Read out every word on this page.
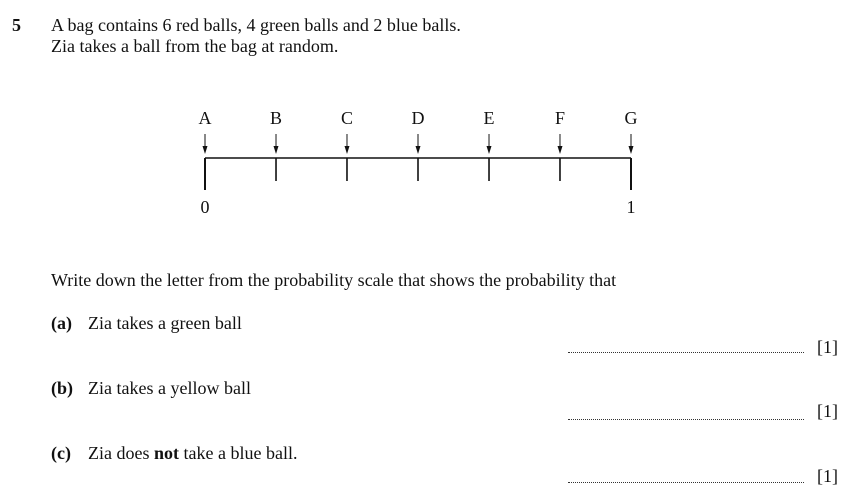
5 A bag contains 6 red balls, 4 green balls and 2 blue balls.
Zia takes a ball from the bag at random.
A	B	C	D	E	F	G
0	1
Write down the letter from the probability scale that shows the probability that
(a) Zia takes a green ball
[1]
(b) Zia takes a yellow ball
[1]
(c) Zia does not take a blue ball.
[1]
